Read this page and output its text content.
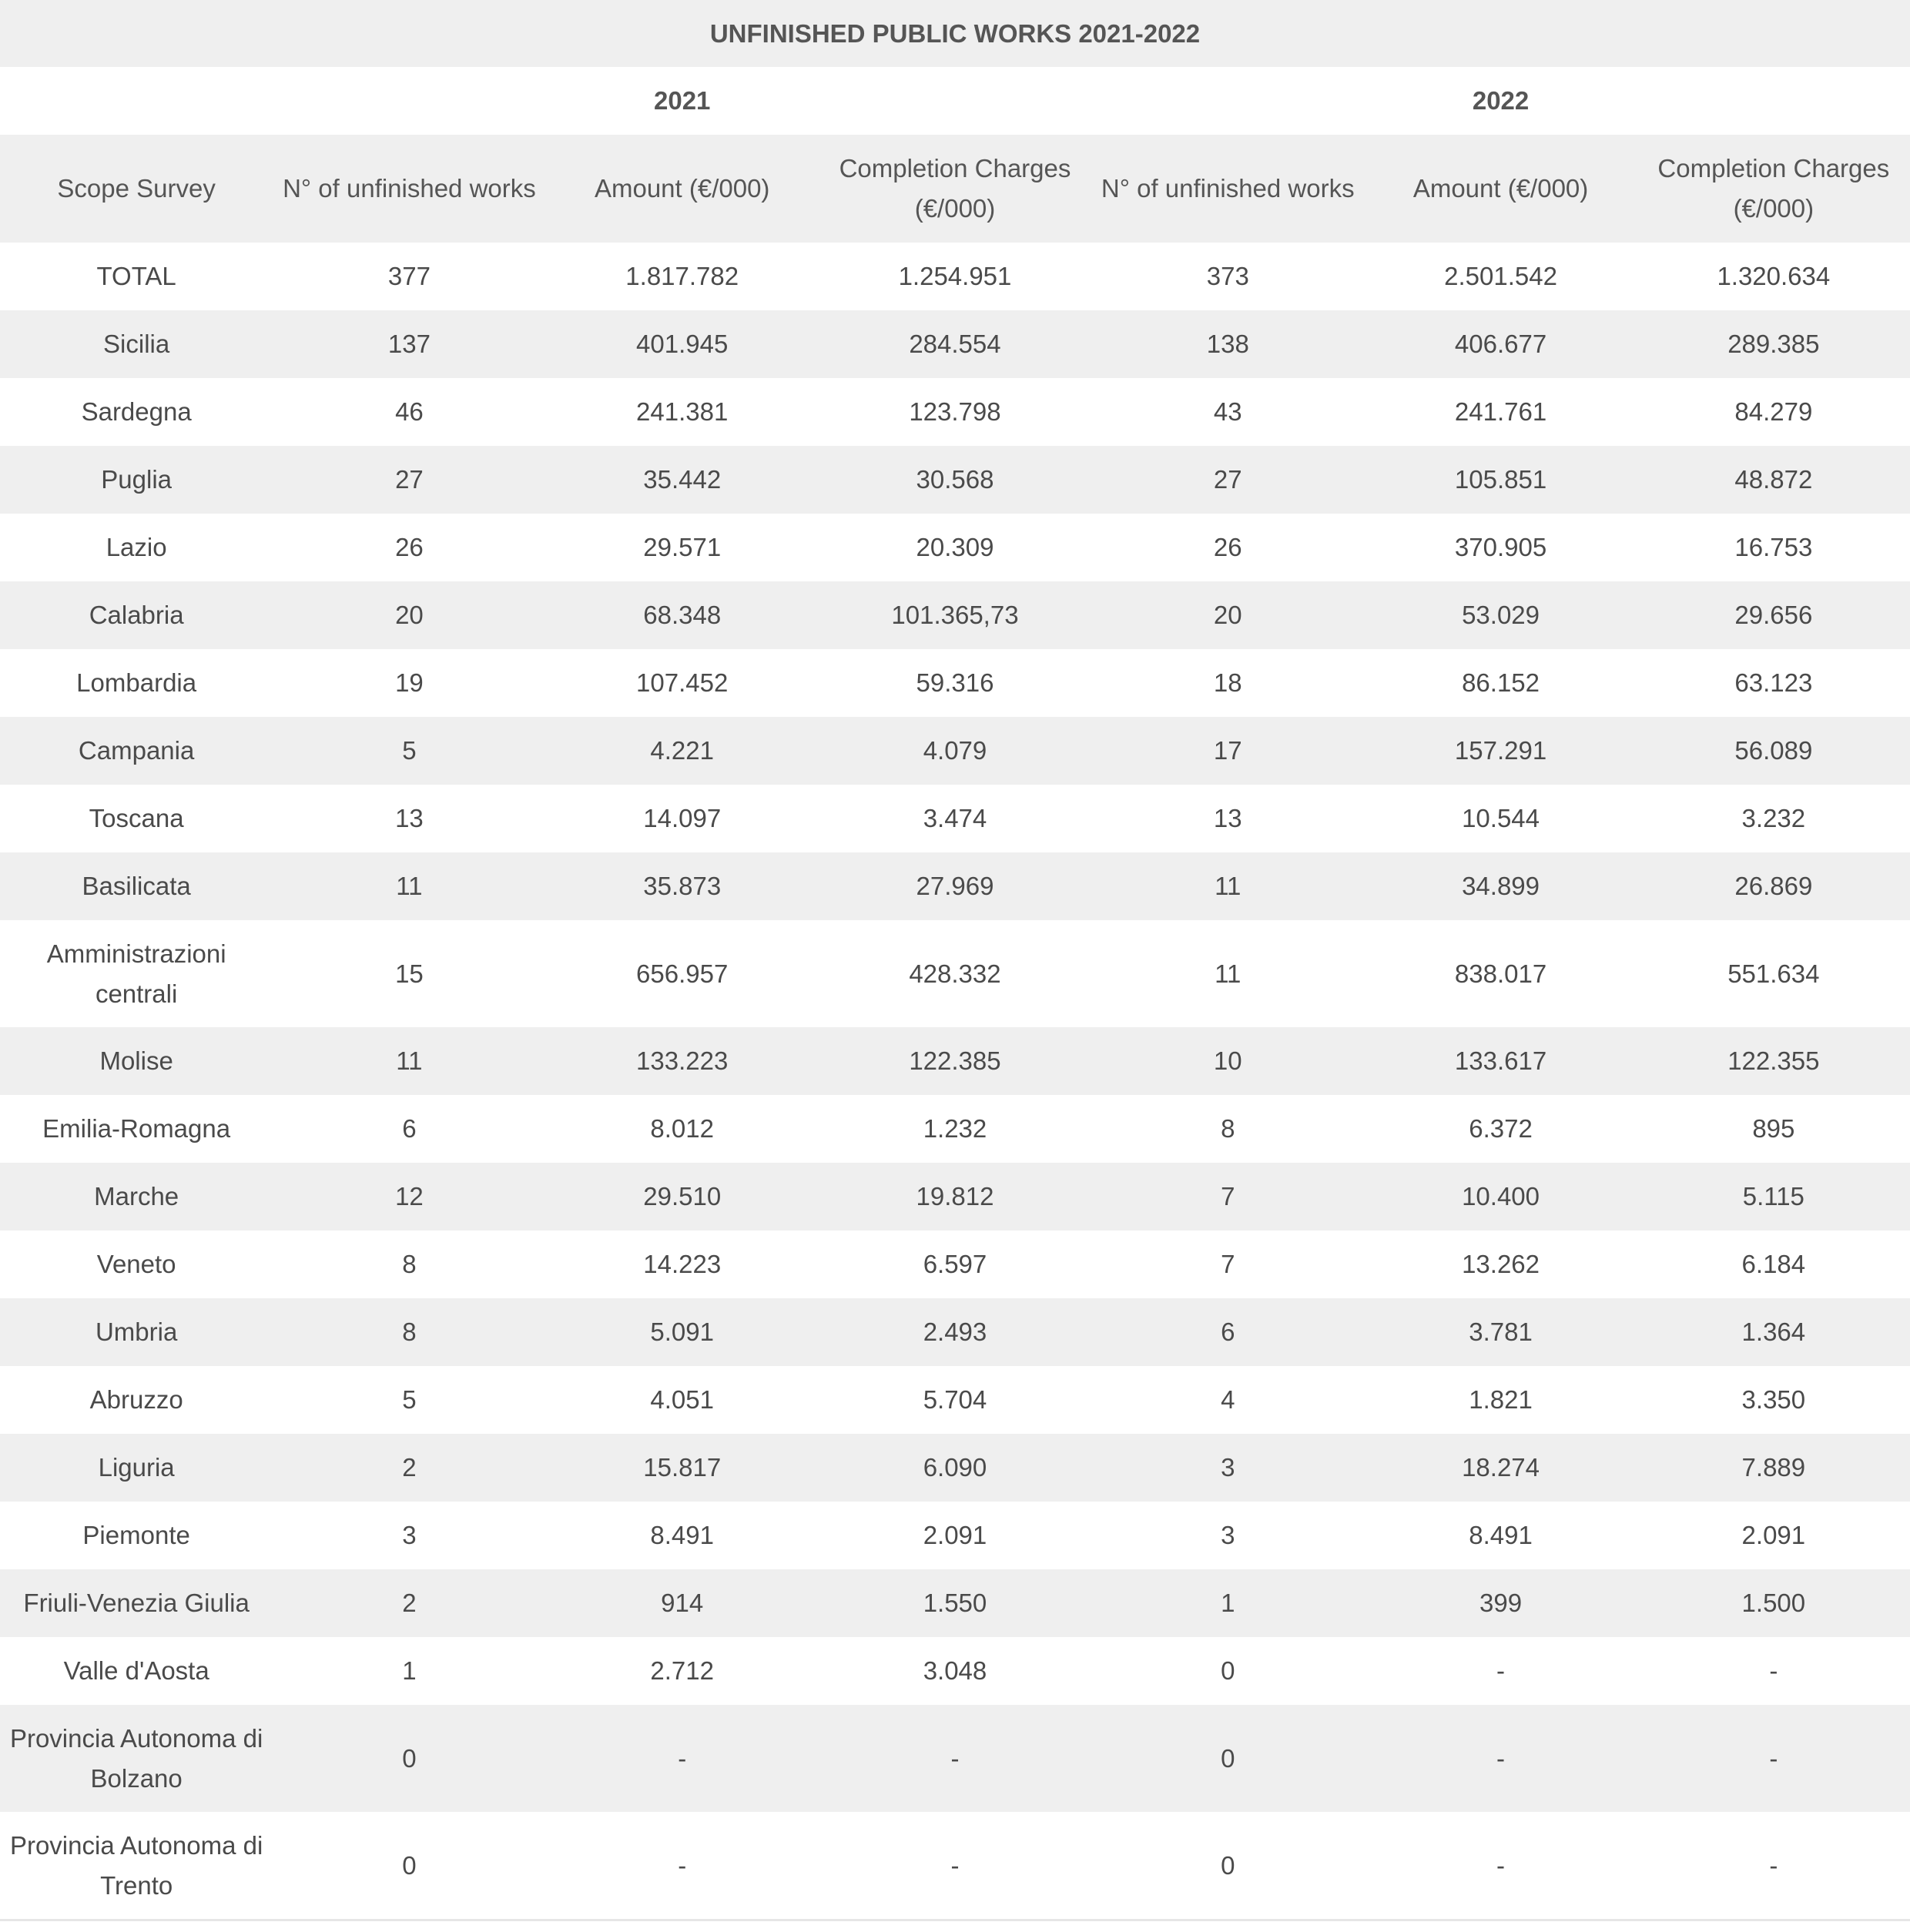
UNFINISHED PUBLIC WORKS 2021-2022						
	2021			2022		
Scope Survey	N° of unfinished works	Amount (€/000)	Completion Charges (€/000)	N° of unfinished works	Amount (€/000)	Completion Charges (€/000)
TOTAL	377	1.817.782	1.254.951	373	2.501.542	1.320.634
Sicilia	137	401.945	284.554	138	406.677	289.385
Sardegna	46	241.381	123.798	43	241.761	84.279
Puglia	27	35.442	30.568	27	105.851	48.872
Lazio	26	29.571	20.309	26	370.905	16.753
Calabria	20	68.348	101.365,73	20	53.029	29.656
Lombardia	19	107.452	59.316	18	86.152	63.123
Campania	5	4.221	4.079	17	157.291	56.089
Toscana	13	14.097	3.474	13	10.544	3.232
Basilicata	11	35.873	27.969	11	34.899	26.869
Amministrazioni centrali	15	656.957	428.332	11	838.017	551.634
Molise	11	133.223	122.385	10	133.617	122.355
Emilia-Romagna	6	8.012	1.232	8	6.372	895
Marche	12	29.510	19.812	7	10.400	5.115
Veneto	8	14.223	6.597	7	13.262	6.184
Umbria	8	5.091	2.493	6	3.781	1.364
Abruzzo	5	4.051	5.704	4	1.821	3.350
Liguria	2	15.817	6.090	3	18.274	7.889
Piemonte	3	8.491	2.091	3	8.491	2.091
Friuli-Venezia Giulia	2	914	1.550	1	399	1.500
Valle d'Aosta	1	2.712	3.048	0	-	-
Provincia Autonoma di Bolzano	0	-	-	0	-	-
Provincia Autonoma di Trento	0	-	-	0	-	-
